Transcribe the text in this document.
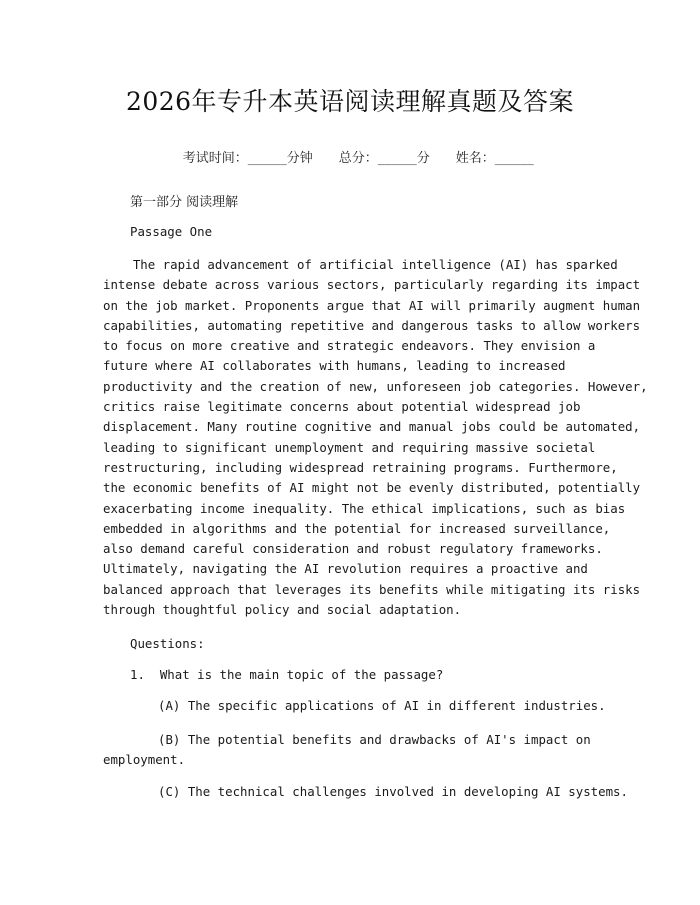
2026年专升本英语阅读理解真题及答案

考试时间：______分钟 总分：______分 姓名：______

第一部分 阅读理解
Passage One
The rapid advancement of artificial intelligence (AI) has sparked
intense debate across various sectors, particularly regarding its impact
on the job market. Proponents argue that AI will primarily augment human
capabilities, automating repetitive and dangerous tasks to allow workers
to focus on more creative and strategic endeavors. They envision a
future where AI collaborates with humans, leading to increased
productivity and the creation of new, unforeseen job categories. However,
critics raise legitimate concerns about potential widespread job
displacement. Many routine cognitive and manual jobs could be automated,
leading to significant unemployment and requiring massive societal
restructuring, including widespread retraining programs. Furthermore,
the economic benefits of AI might not be evenly distributed, potentially
exacerbating income inequality. The ethical implications, such as bias
embedded in algorithms and the potential for increased surveillance,
also demand careful consideration and robust regulatory frameworks.
Ultimately, navigating the AI revolution requires a proactive and
balanced approach that leverages its benefits while mitigating its risks
through thoughtful policy and social adaptation.
Questions:
1.  What is the main topic of the passage?
(A) The specific applications of AI in different industries.
(B) The potential benefits and drawbacks of AI's impact on
employment.
(C) The technical challenges involved in developing AI systems.
